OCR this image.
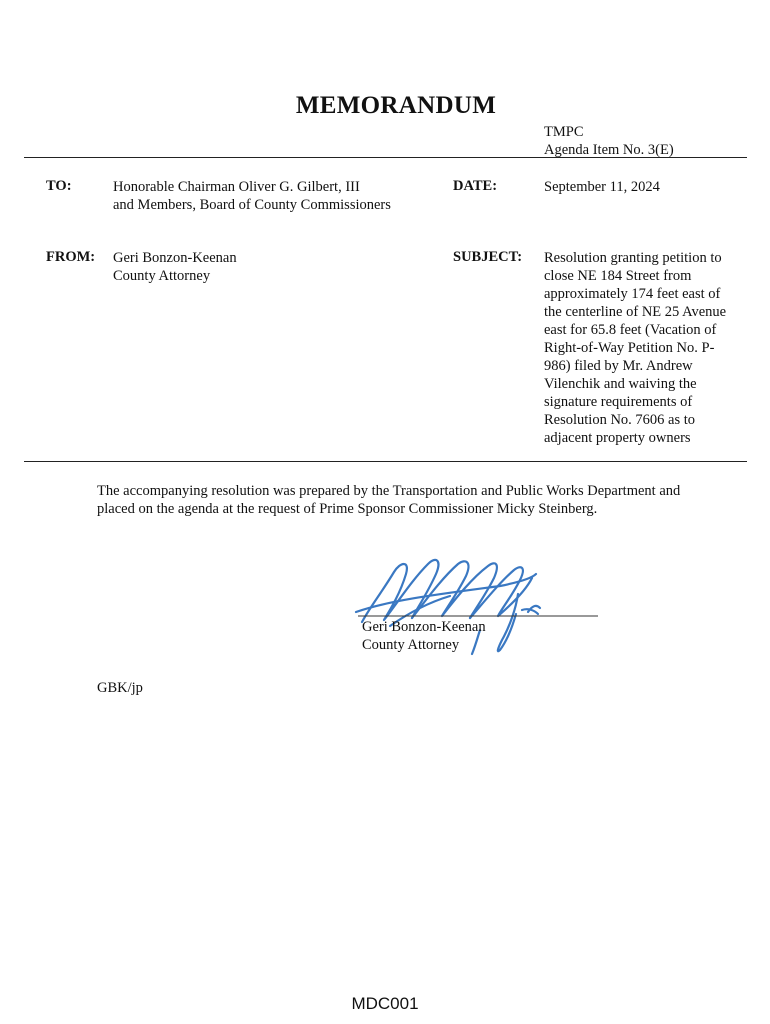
MEMORANDUM
TMPC
Agenda Item No. 3(E)
TO:	Honorable Chairman Oliver G. Gilbert, III
and Members, Board of County Commissioners
DATE:	September 11, 2024
FROM: Geri Bonzon-Keenan
County Attorney
SUBJECT: Resolution granting petition to
close NE 184 Street from
approximately 174 feet east of
the centerline of NE 25 Avenue
east for 65.8 feet (Vacation of
Right-of-Way Petition No. P-
986) filed by Mr. Andrew
Vilenchik and waiving the
signature requirements of
Resolution No. 7606 as to
adjacent property owners
The accompanying resolution was prepared by the Transportation and Public Works Department and
placed on the agenda at the request of Prime Sponsor Commissioner Micky Steinberg.
Geri Bonzon-Keenan
County Attorney
GBK/jp
MDC001
